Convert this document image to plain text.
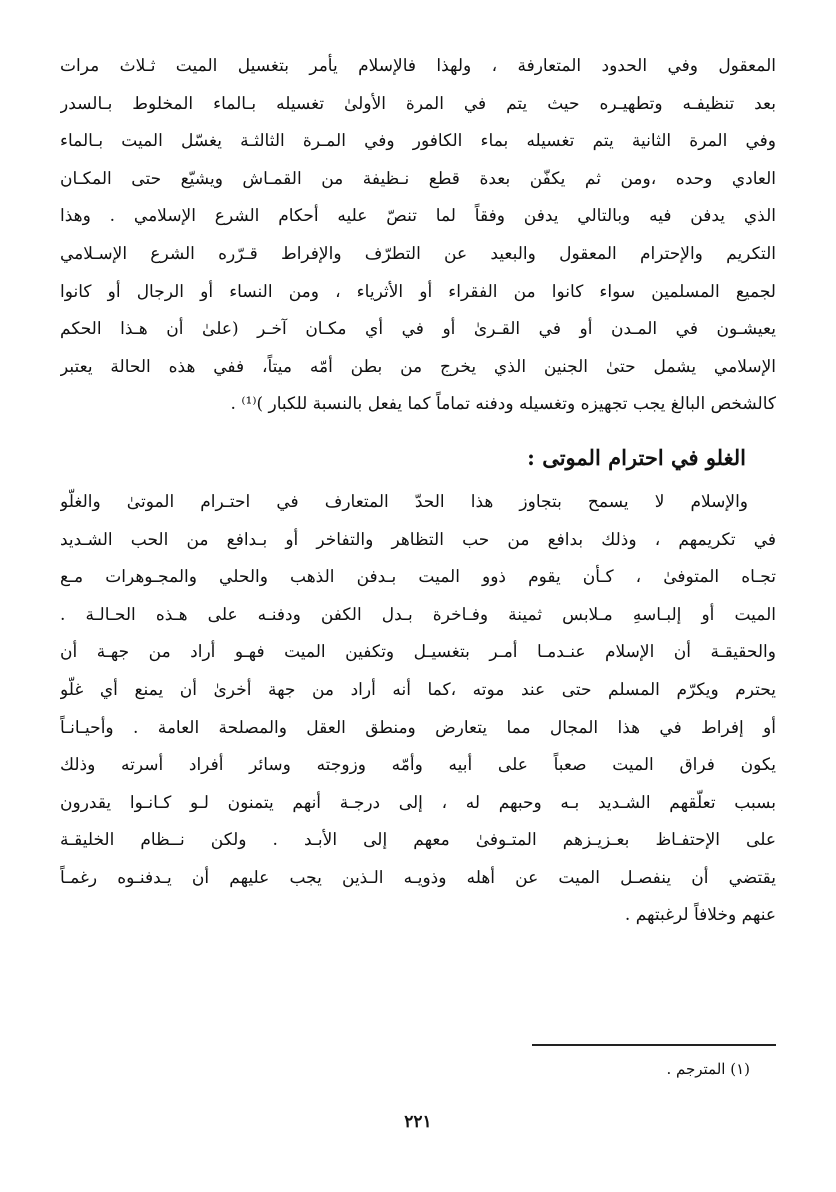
المعقول وفي الحدود المتعارفة ، ولهذا فالإسلام يأمر بتغسيل الميت ثـلاث مرات
بعد تنظيفـه وتطهيـره حيث يتم في المرة الأولىٰ تغسيله بـالماء المخلوط بـالسدر
وفي المرة الثانية يتم تغسيله بماء الكافور وفي المـرة الثالثـة يغسّل الميت بـالماء
العادي وحده ،ومن ثم يكفّن بعدة قطع نـظيفة من القمـاش ويشيّع حتى المكـان
الذي يدفن فيه وبالتالي يدفن وفقاً لما تنصّ عليه أحكام الشرع الإسلامي . وهذا
التكريم والإحترام المعقول والبعيد عن التطرّف والإفراط قـرّره الشرع الإسـلامي
لجميع المسلمين سواء كانوا من الفقراء أو الأثرياء ، ومن النساء أو الرجال أو كانوا
يعيشـون في المـدن أو في القـرىٰ أو في أي مكـان آخـر (علىٰ أن هـذا الحكم
الإسلامي يشمل حتىٰ الجنين الذي يخرج من بطن أمّه ميتاً، ففي هذه الحالة يعتبر
كالشخص البالغ يجب تجهيزه وتغسيله ودفنه تماماً كما يفعل بالنسبة للكبار )⁽¹⁾ .
الغلو في احترام الموتى :
والإسلام لا يسمح بتجاوز هذا الحدّ المتعارف في احتـرام الموتىٰ والغلّو
في تكريمهم ، وذلك بدافع من حب التظاهر والتفاخر أو بـدافع من الحب الشـديد
تجـاه المتوفىٰ ، كـأن يقوم ذوو الميت بـدفن الذهب والحلي والمجـوهرات مـع
الميت أو إلبـاسهِ مـلابس ثمينة وفـاخرة بـدل الكفن ودفنـه على هـذه الحـالـة .
والحقيقـة أن الإسلام عنـدمـا أمـر بتغسيـل وتكفين الميت فهـو أراد من جهـة أن
يحترم ويكرّم المسلم حتى عند موته ،كما أنه أراد من جهة أخرىٰ أن يمنع أي غلّو
أو إفراط في هذا المجال مما يتعارض ومنطق العقل والمصلحة العامة . وأحيـانـاً
يكون فراق الميت صعباً على أبيه وأمّه وزوجته وسائر أفراد أسرته وذلك
بسبب تعلّقهم الشـديد بـه وحبهم له ، إلى درجـة أنهم يتمنون لـو كـانـوا يقدرون
على الإحتفـاظ بعـزيـزهم المتـوفىٰ معهم إلى الأبـد . ولكن نــظام الخليقـة
يقتضي أن ينفصـل الميت عن أهله وذويـه الـذين يجب عليهم أن يـدفنـوه رغمـاً
عنهم وخلافاً لرغبتهم .
(١) المترجم .
٢٢١
